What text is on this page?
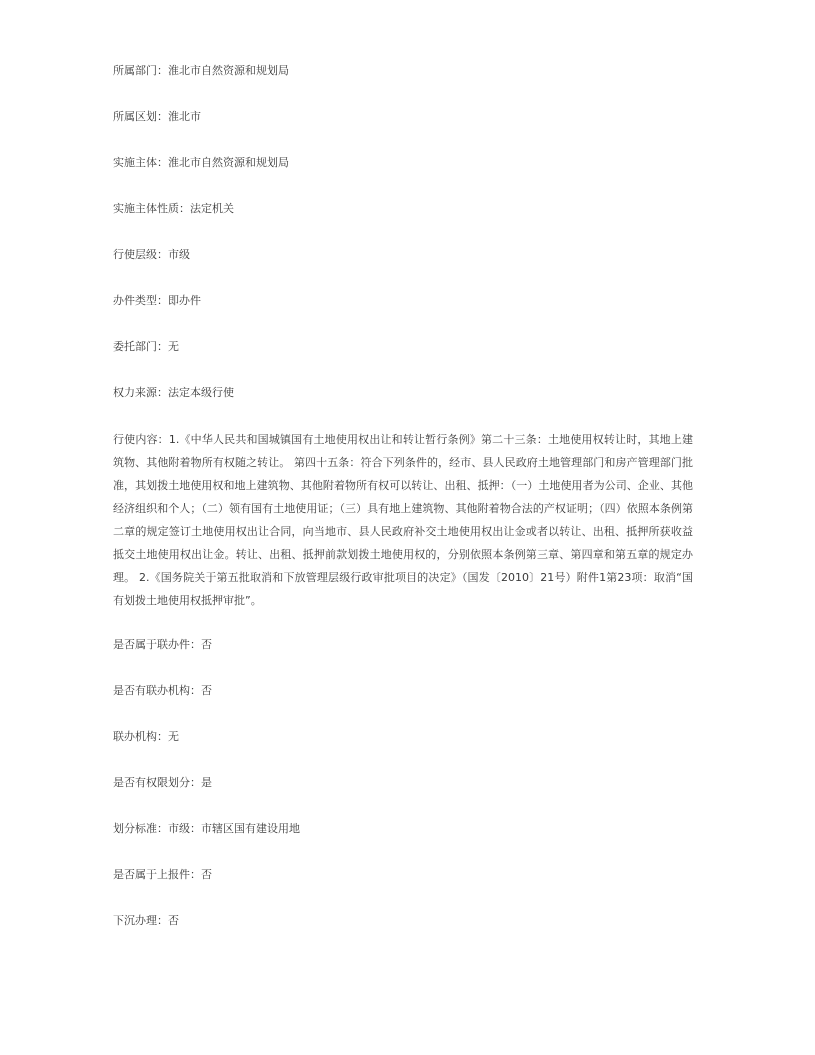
所属部门：淮北市自然资源和规划局

所属区划：淮北市

实施主体：淮北市自然资源和规划局

实施主体性质：法定机关

行使层级：市级

办件类型：即办件

委托部门：无

权力来源：法定本级行使

行使内容：1.《中华人民共和国城镇国有土地使用权出让和转让暂行条例》第二十三条：土地使用权转让时，其地上建筑物、其他附着物所有权随之转让。 第四十五条：符合下列条件的，经市、县人民政府土地管理部门和房产管理部门批准，其划拨土地使用权和地上建筑物、其他附着物所有权可以转让、出租、抵押：（一）土地使用者为公司、企业、其他经济组织和个人；（二）领有国有土地使用证；（三）具有地上建筑物、其他附着物合法的产权证明；（四）依照本条例第二章的规定签订土地使用权出让合同，向当地市、县人民政府补交土地使用权出让金或者以转让、出租、抵押所获收益抵交土地使用权出让金。转让、出租、抵押前款划拨土地使用权的，分别依照本条例第三章、第四章和第五章的规定办理。 2.《国务院关于第五批取消和下放管理层级行政审批项目的决定》（国发〔2010〕21号）附件1第23项：取消“国有划拨土地使用权抵押审批”。

是否属于联办件：否

是否有联办机构：否

联办机构：无

是否有权限划分：是

划分标准：市级：市辖区国有建设用地

是否属于上报件：否

下沉办理：否
